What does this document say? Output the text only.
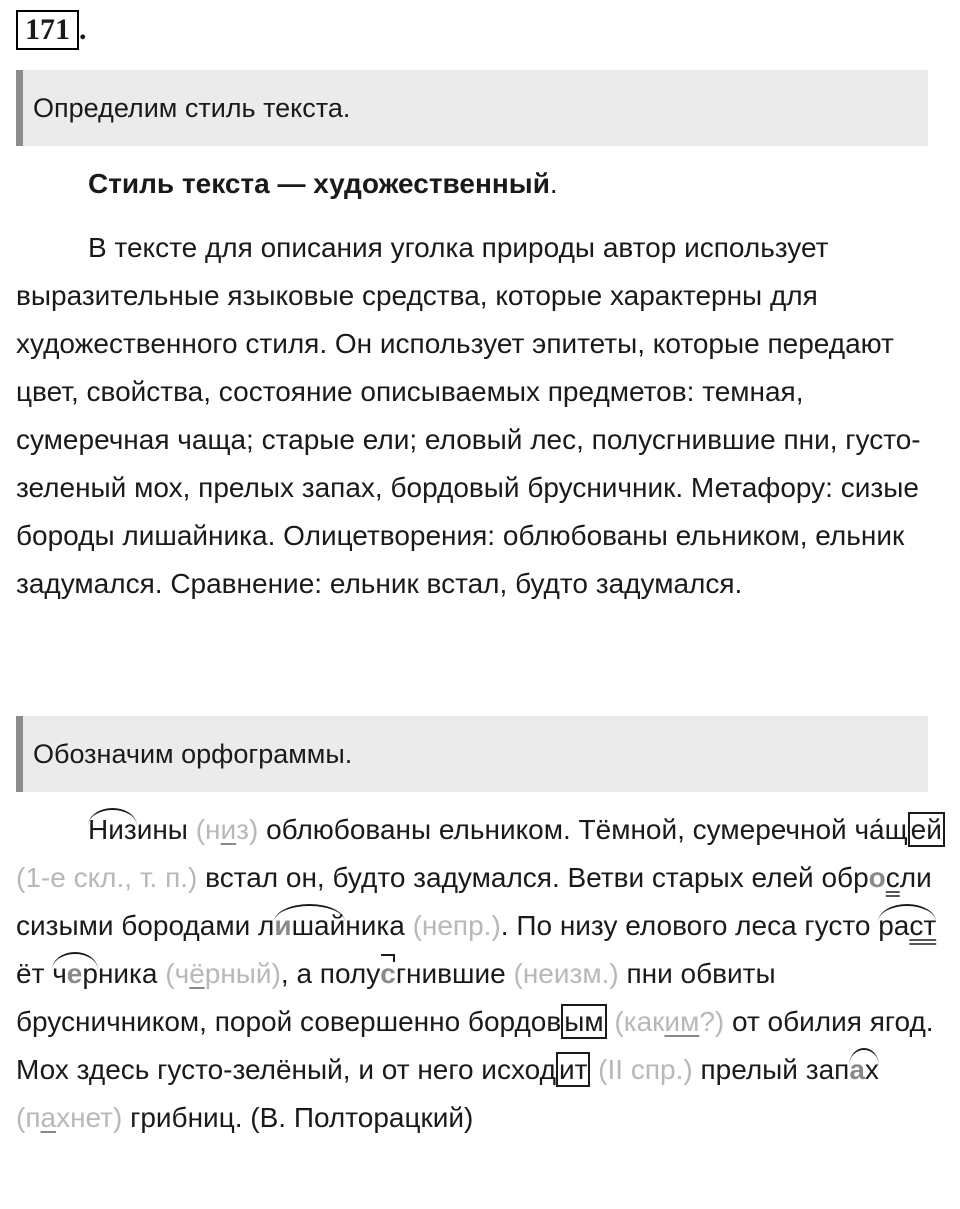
171 .
Определим стиль текста.

Стиль текста — художественный.

В тексте для описания уголка природы автор использует выразительные языковые средства, которые характерны для художественного стиля. Он использует эпитеты, которые передают цвет, свойства, состояние описываемых предметов: темная, сумеречная чаща; старые ели; еловый лес, полусгнившие пни, густо-зеленый мох, прелых запах, бордовый брусничник. Метафору: сизые бороды лишайника. Олицетворения: облюбованы ельником, ельник задумался. Сравнение: ельник встал, будто задумался.

Обозначим орфограммы.

Низины (низ) облюбованы ельником. Тёмной, сумеречной ча́щ ей (1-е скл., т. п.) встал он, будто задумался. Ветви старых елей обросли сизыми бородами лишайника (непр.). По низу елового леса густо растёт черника (чёрный), а полусгнившие (неизм.) пни обвиты брусничником, порой совершенно бордов ым (каким?) от обилия ягод. Мох здесь густо-зелёный, и от него исход ит (II спр.) прелый запах (пахнет) грибниц. (В. Полторацкий)
